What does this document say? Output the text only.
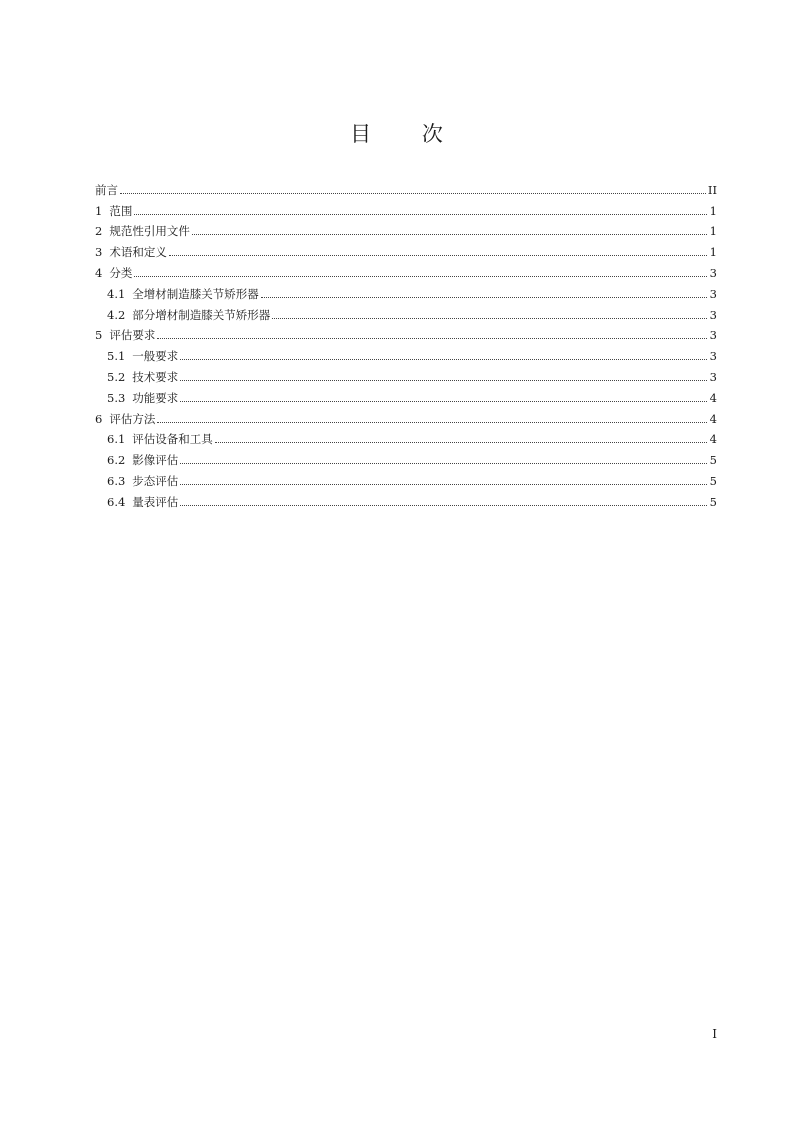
目 次
前言	II
1 范围	1
2 规范性引用文件	1
3 术语和定义	1
4 分类	3
4.1 全增材制造膝关节矫形器	3
4.2 部分增材制造膝关节矫形器	3
5 评估要求	3
5.1 一般要求	3
5.2 技术要求	3
5.3 功能要求	4
6 评估方法	4
6.1 评估设备和工具	4
6.2 影像评估	5
6.3 步态评估	5
6.4 量表评估	5
I
